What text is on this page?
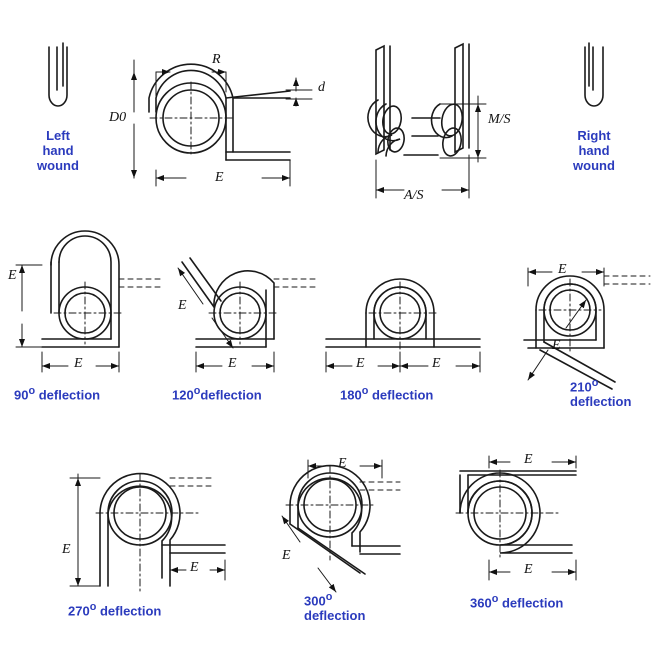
Left
hand
wound
Right
hand
wound
R
d
D0
E
M/S
A/S
E
E
E
E	E	E
E
E
E
E
E
E
E
E
90$^o$ deflection	120$^o$deflection	180$^o$ deflection
210$^o$
deflection
270$^o$ deflection
300$^o$
deflection
360$^o$ deflection
